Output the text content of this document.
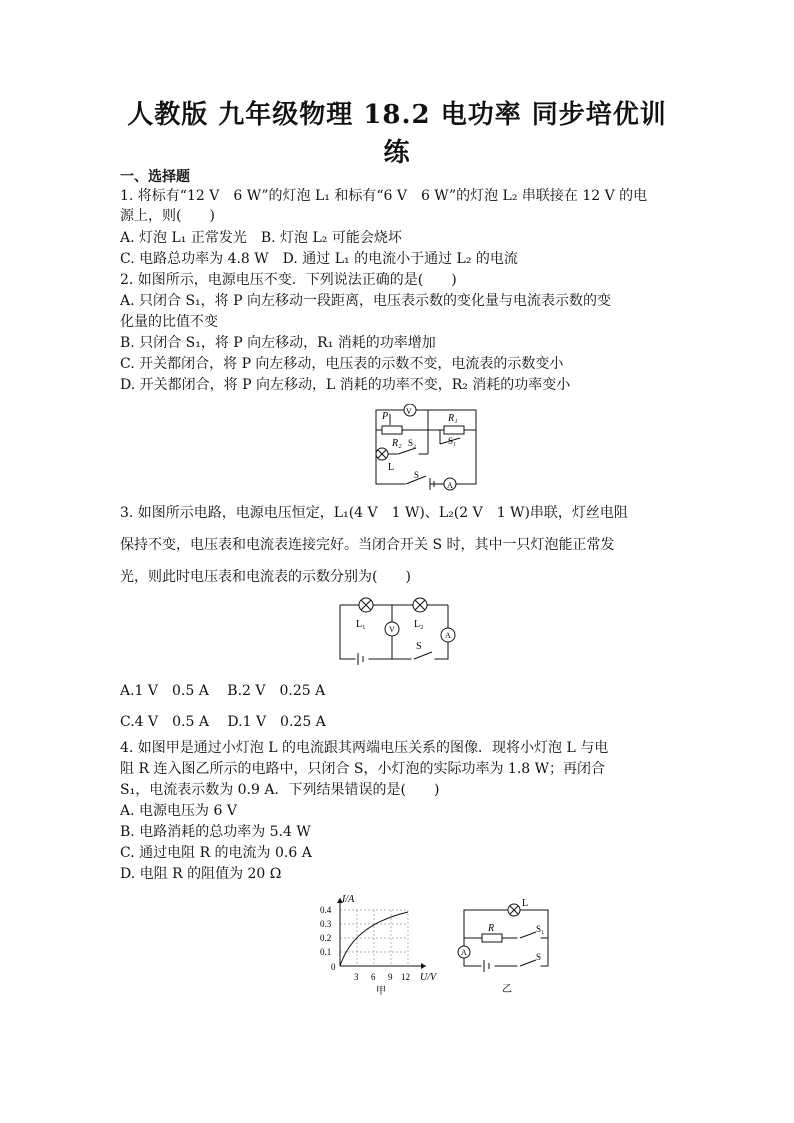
人教版 九年级物理 18.2 电功率 同步培优训
练
一、选择题
1. 将标有“12 V　6 W”的灯泡 L₁ 和标有“6 V　6 W”的灯泡 L₂ 串联接在 12 V 的电
源上，则(　　)
A. 灯泡 L₁ 正常发光　B. 灯泡 L₂ 可能会烧坏
C. 电路总功率为 4.8 W　D. 通过 L₁ 的电流小于通过 L₂ 的电流
2. 如图所示，电源电压不变．下列说法正确的是(　　)
A. 只闭合 S₁，将 P 向左移动一段距离，电压表示数的变化量与电流表示数的变
化量的比值不变
B. 只闭合 S₁，将 P 向左移动，R₁ 消耗的功率增加
C. 开关都闭合，将 P 向左移动，电压表的示数不变，电流表的示数变小
D. 开关都闭合，将 P 向左移动，L 消耗的功率不变，R₂ 消耗的功率变小
P V
R₁
R₂ S₂	S₁
L
A
S
3. 如图所示电路，电源电压恒定，L₁(4 V　1 W)、L₂(2 V　1 W)串联，灯丝电阻
保持不变，电压表和电流表连接完好。当闭合开关 S 时，其中一只灯泡能正常发
光，则此时电压表和电流表的示数分别为(　　)
L₁	L₂
V
A
S
A.1 V　0.5 A　 B.2 V　0.25 A
C.4 V　0.5 A　 D.1 V　0.25 A
4. 如图甲是通过小灯泡 L 的电流跟其两端电压关系的图像．现将小灯泡 L 与电
阻 R 连入图乙所示的电路中，只闭合 S，小灯泡的实际功率为 1.8 W；再闭合
S₁，电流表示数为 0.9 A．下列结果错误的是(　　)
A. 电源电压为 6 V
B. 电路消耗的总功率为 5.4 W
C. 通过电阻 R 的电流为 0.6 A
D. 电阻 R 的阻值为 20 Ω
I/A
U/V
0.4
0.3
0.2
0.1
0
3 6 9 12
甲
L
R	S₁
S
A
乙
